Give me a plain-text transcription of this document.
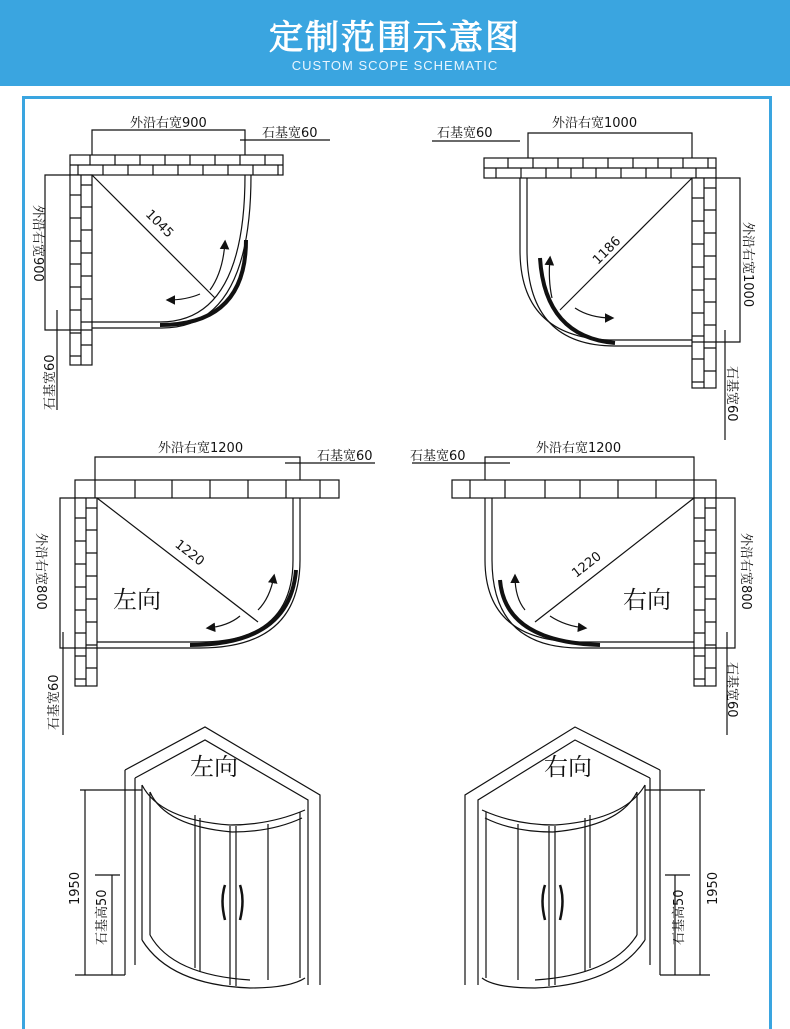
定制范围示意图
CUSTOM SCOPE SCHEMATIC
外沿右宽900
石基宽60
1045
外沿右宽900
石基宽60
外沿右宽1000
石基宽60
1186	外沿右宽1000
石基宽60
外沿右宽1200
石基宽60
1220
左向
外沿右宽800
石基宽60
外沿右宽1200
石基宽60
1220
右向	外沿右宽800
石基宽60
左向
1950
石基高50
右向
1950
石基高50
